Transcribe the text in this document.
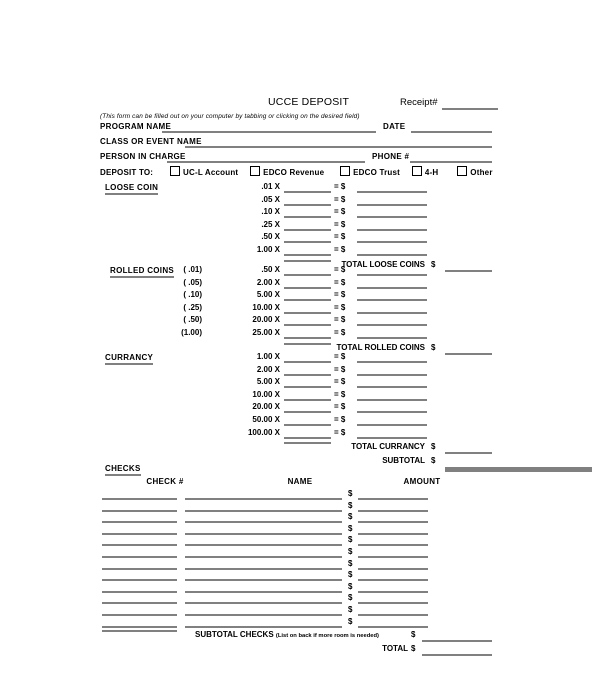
UCCE DEPOSIT	Receipt#
(This form can be filled out on your computer by tabbing or clicking on the desired field)
PROGRAM NAME	DATE
CLASS OR EVENT NAME
PERSON IN CHARGE	PHONE #
DEPOSIT TO:	UC-L Account	EDCO Revenue	EDCO Trust	4-H	Other
LOOSE COIN	.01 X	= $
.05 X	= $
.10 X	= $
.25 X	= $
.50 X	= $
1.00 X	= $
TOTAL LOOSE COINS $
ROLLED COINS	( .01)	.50 X	= $
( .05)	2.00 X	= $
( .10)	5.00 X	= $
( .25)	10.00 X	= $
( .50)	20.00 X	= $
(1.00)	25.00 X	= $
TOTAL ROLLED COINS $
CURRANCY	1.00 X	= $
2.00 X	= $
5.00 X	= $
10.00 X	= $
20.00 X	= $
50.00 X	= $
100.00 X	= $
TOTAL CURRANCY $
SUBTOTAL $
CHECKS
CHECK #	NAME	AMOUNT
$
$
$
$
$
$
$
$
$
$
$
$
SUBTOTAL CHECKS (List on back if more room is needed)	$
TOTAL $
